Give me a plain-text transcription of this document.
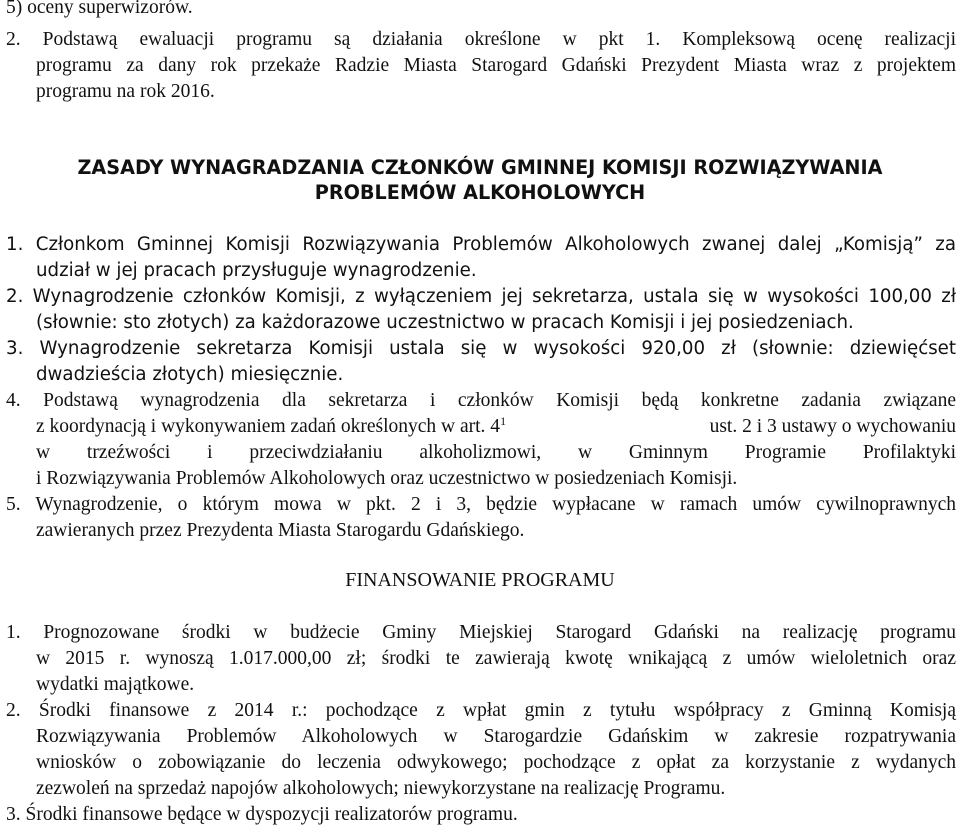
5) oceny superwizorów.
2. Podstawą ewaluacji programu są działania określone w pkt 1. Kompleksową ocenę realizacji
programu za dany rok przekaże Radzie Miasta Starogard Gdański Prezydent Miasta wraz z projektem
programu na rok 2016.
ZASADY WYNAGRADZANIA CZŁONKÓW GMINNEJ KOMISJI ROZWIĄZYWANIA
PROBLEMÓW ALKOHOLOWYCH
1. Członkom Gminnej Komisji Rozwiązywania Problemów Alkoholowych zwanej dalej „Komisją” za
udział w jej pracach przysługuje wynagrodzenie.
2. Wynagrodzenie członków Komisji, z wyłączeniem jej sekretarza, ustala się w wysokości 100,00 zł
(słownie: sto złotych) za każdorazowe uczestnictwo w pracach Komisji i jej posiedzeniach.
3. Wynagrodzenie sekretarza Komisji ustala się w wysokości 920,00 zł (słownie: dziewięćset
dwadzieścia złotych) miesięcznie.
4. Podstawą wynagrodzenia dla sekretarza i członków Komisji będą konkretne zadania związane
z koordynacją i wykonywaniem zadań określonych w art. $4^1$	ust. 2 i 3 ustawy o wychowaniu
w trzeźwości i przeciwdziałaniu alkoholizmowi, w Gminnym Programie Profilaktyki
i Rozwiązywania Problemów Alkoholowych oraz uczestnictwo w posiedzeniach Komisji.
5. Wynagrodzenie, o którym mowa w pkt. 2 i 3, będzie wypłacane w ramach umów cywilnoprawnych
zawieranych przez Prezydenta Miasta Starogardu Gdańskiego.
FINANSOWANIE PROGRAMU
1. Prognozowane środki w budżecie Gminy Miejskiej Starogard Gdański na realizację programu
w 2015 r. wynoszą 1.017.000,00 zł; środki te zawierają kwotę wnikającą z umów wieloletnich oraz
wydatki majątkowe.
2. Środki finansowe z 2014 r.: pochodzące z wpłat gmin z tytułu współpracy z Gminną Komisją
Rozwiązywania Problemów Alkoholowych w Starogardzie Gdańskim w zakresie rozpatrywania
wniosków o zobowiązanie do leczenia odwykowego; pochodzące z opłat za korzystanie z wydanych
zezwoleń na sprzedaż napojów alkoholowych; niewykorzystane na realizację Programu.
3. Środki finansowe będące w dyspozycji realizatorów programu.
